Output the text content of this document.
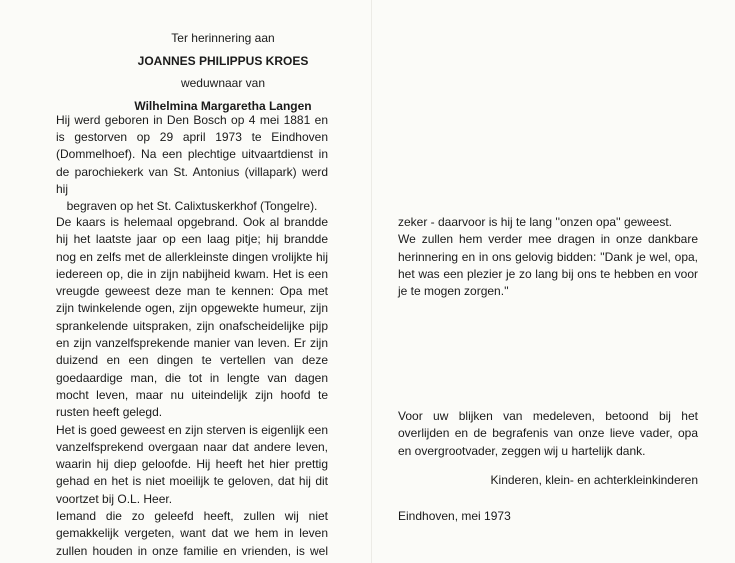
Ter herinnering aan
JOANNES PHILIPPUS KROES
weduwnaar van
Wilhelmina Margaretha Langen
Hij werd geboren in Den Bosch op 4 mei 1881 en is gestorven op 29 april 1973 te Eindhoven (Dommelhoef). Na een plechtige uitvaartdienst in de parochiekerk van St. Antonius (villapark) werd hij
begraven op het St. Calixtuskerkhof (Tongelre).

De kaars is helemaal opgebrand. Ook al brandde hij het laatste jaar op een laag pitje; hij brandde nog en zelfs met de allerkleinste dingen vrolijkte hij iedereen op, die in zijn nabijheid kwam. Het is een vreugde geweest deze man te kennen: Opa met zijn twinkelende ogen, zijn opgewekte humeur, zijn sprankelende uitspraken, zijn onafscheidelijke pijp en zijn vanzelfsprekende manier van leven. Er zijn duizend en een dingen te vertellen van deze goedaardige man, die tot in lengte van dagen mocht leven, maar nu uiteindelijk zijn hoofd te rusten heeft gelegd.

Het is goed geweest en zijn sterven is eigenlijk een vanzelfsprekend overgaan naar dat andere leven, waarin hij diep geloofde. Hij heeft het hier prettig gehad en het is niet moeilijk te geloven, dat hij dit voortzet bij O.L. Heer.

Iemand die zo geleefd heeft, zullen wij niet gemakkelijk vergeten, want dat we hem in leven zullen houden in onze familie en vrienden, is wel

zeker - daarvoor is hij te lang ''onzen opa'' geweest.

We zullen hem verder mee dragen in onze dankbare herinnering en in ons gelovig bidden: ''Dank je wel, opa, het was een plezier je zo lang bij ons te hebben en voor je te mogen zorgen.''

Voor uw blijken van medeleven, betoond bij het overlijden en de begrafenis van onze lieve vader, opa en overgrootvader, zeggen wij u hartelijk dank.

Kinderen, klein- en achterkleinkinderen
Eindhoven, mei 1973
